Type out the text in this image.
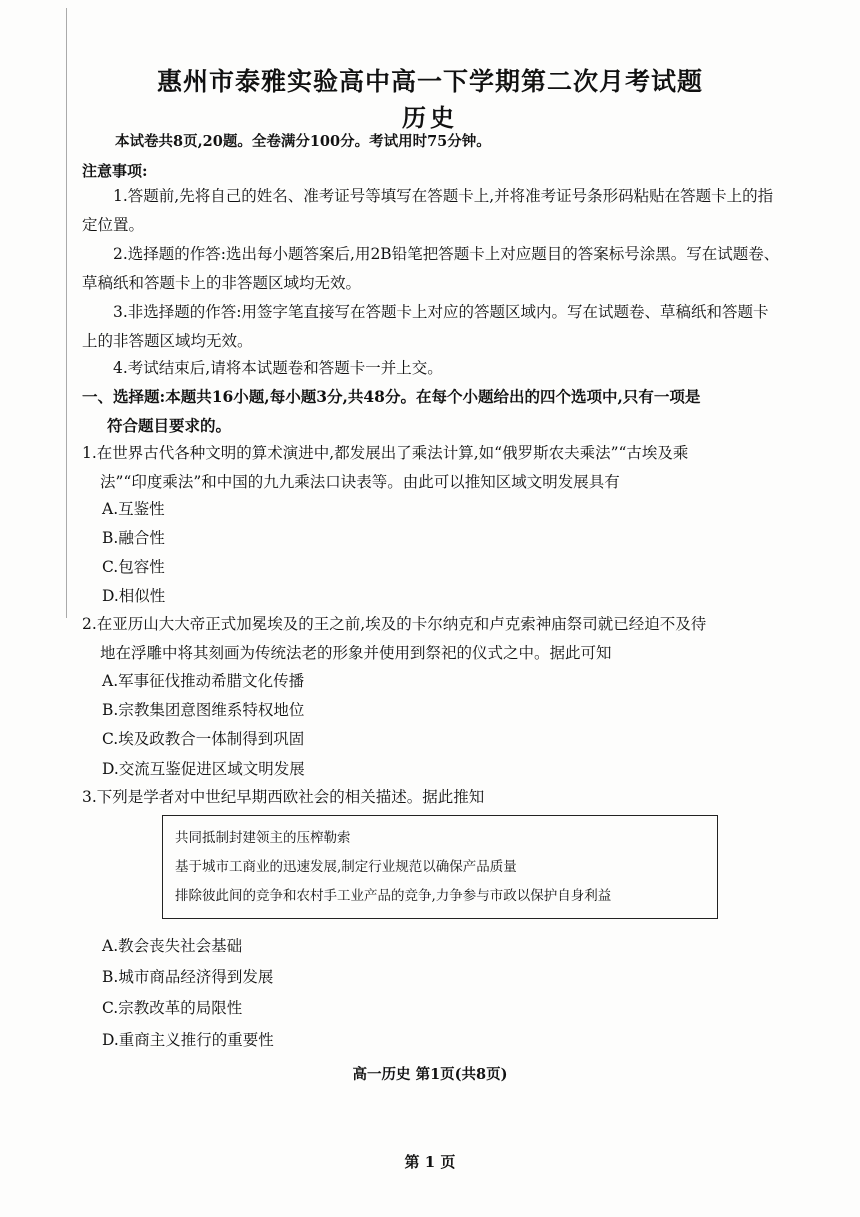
惠州市泰雅实验高中高一下学期第二次月考试题
历史
本试卷共8页,20题。全卷满分100分。考试用时75分钟。
注意事项:
1.答题前,先将自己的姓名、准考证号等填写在答题卡上,并将准考证号条形码粘贴在答题卡上的指定位置。
2.选择题的作答:选出每小题答案后,用2B铅笔把答题卡上对应题目的答案标号涂黑。写在试题卷、草稿纸和答题卡上的非答题区域均无效。
3.非选择题的作答:用签字笔直接写在答题卡上对应的答题区域内。写在试题卷、草稿纸和答题卡上的非答题区域均无效。
4.考试结束后,请将本试题卷和答题卡一并上交。
一、选择题:本题共16小题,每小题3分,共48分。在每个小题给出的四个选项中,只有一项是
符合题目要求的。
1.在世界古代各种文明的算术演进中,都发展出了乘法计算,如“俄罗斯农夫乘法”“古埃及乘
法”“印度乘法”和中国的九九乘法口诀表等。由此可以推知区域文明发展具有
A.互鉴性
B.融合性
C.包容性
D.相似性
2.在亚历山大大帝正式加冕埃及的王之前,埃及的卡尔纳克和卢克索神庙祭司就已经迫不及待
地在浮雕中将其刻画为传统法老的形象并使用到祭祀的仪式之中。据此可知
A.军事征伐推动希腊文化传播
B.宗教集团意图维系特权地位
C.埃及政教合一体制得到巩固
D.交流互鉴促进区域文明发展
3.下列是学者对中世纪早期西欧社会的相关描述。据此推知
共同抵制封建领主的压榨勒索
基于城市工商业的迅速发展,制定行业规范以确保产品质量
排除彼此间的竞争和农村手工业产品的竞争,力争参与市政以保护自身利益
A.教会丧失社会基础
B.城市商品经济得到发展
C.宗教改革的局限性
D.重商主义推行的重要性
高一历史 第1页(共8页)
第 1 页
